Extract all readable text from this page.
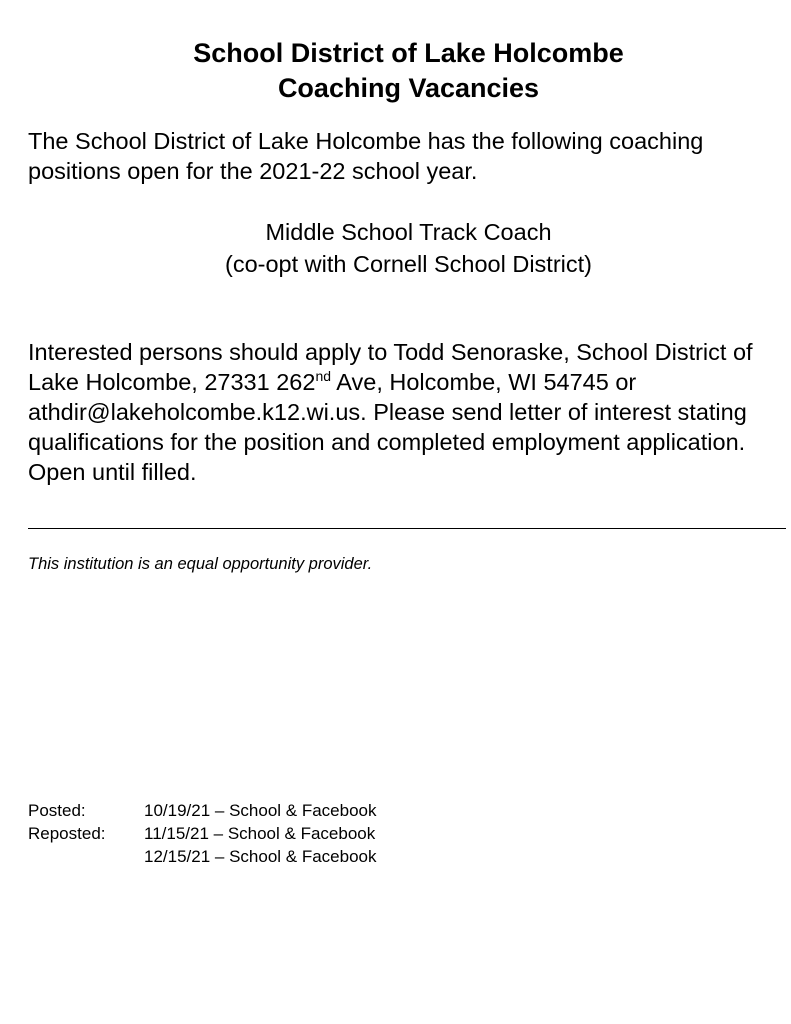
School District of Lake Holcombe
Coaching Vacancies
The School District of Lake Holcombe has the following coaching positions open for the 2021-22 school year.
Middle School Track Coach
(co-opt with Cornell School District)
Interested persons should apply to Todd Senoraske, School District of Lake Holcombe, 27331 262nd Ave, Holcombe, WI 54745 or athdir@lakeholcombe.k12.wi.us. Please send letter of interest stating qualifications for the position and completed employment application. Open until filled.
This institution is an equal opportunity provider.
Posted:	10/19/21 – School & Facebook
Reposted: 11/15/21 – School & Facebook
12/15/21 – School & Facebook
